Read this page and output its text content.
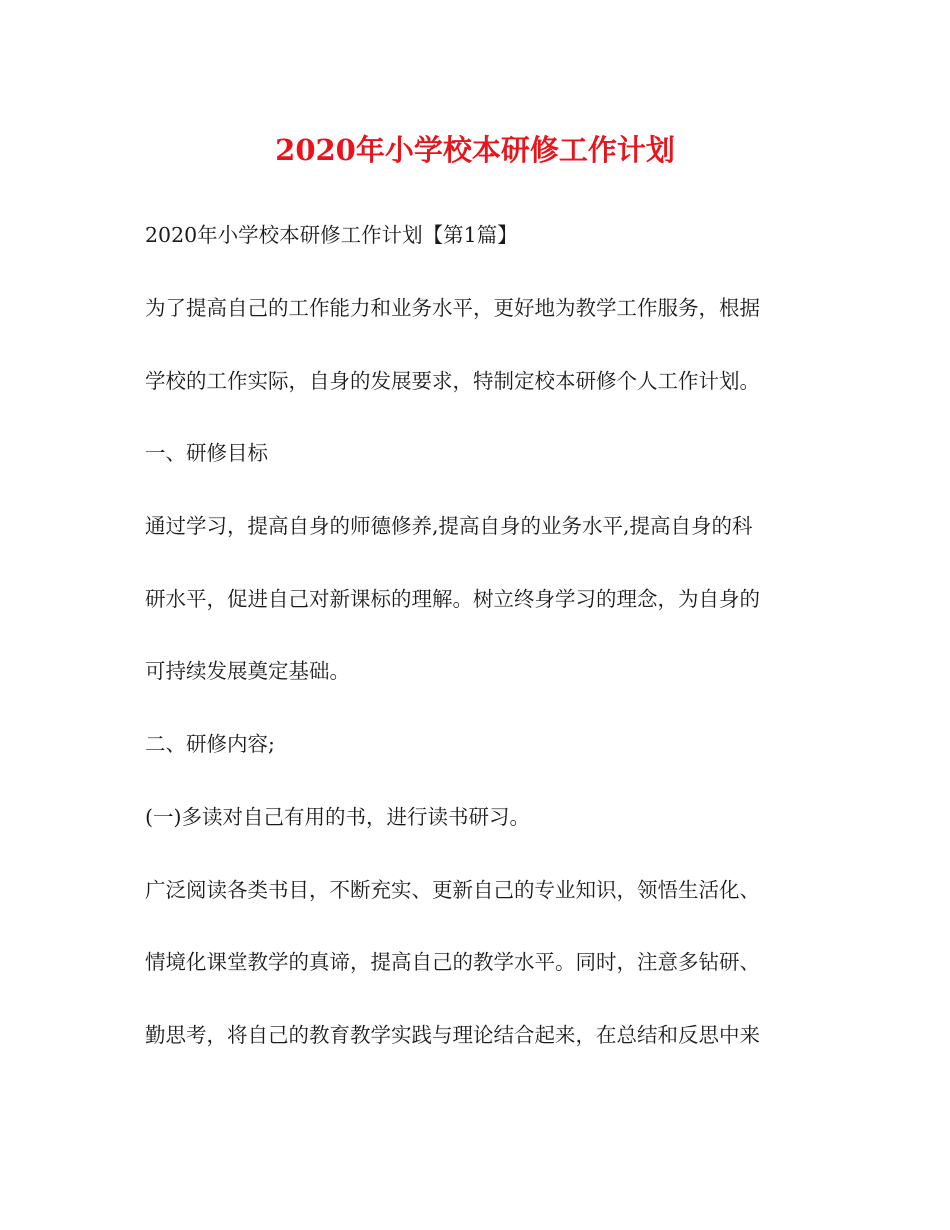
2020年小学校本研修工作计划
2020年小学校本研修工作计划【第1篇】
为了提高自己的工作能力和业务水平，更好地为教学工作服务，根据
学校的工作实际，自身的发展要求，特制定校本研修个人工作计划。
一、研修目标
通过学习，提高自身的师德修养,提高自身的业务水平,提高自身的科
研水平，促进自己对新课标的理解。树立终身学习的理念，为自身的
可持续发展奠定基础。
二、研修内容;
(一)多读对自己有用的书，进行读书研习。
广泛阅读各类书目，不断充实、更新自己的专业知识，领悟生活化、
情境化课堂教学的真谛，提高自己的教学水平。同时，注意多钻研、
勤思考，将自己的教育教学实践与理论结合起来，在总结和反思中来
